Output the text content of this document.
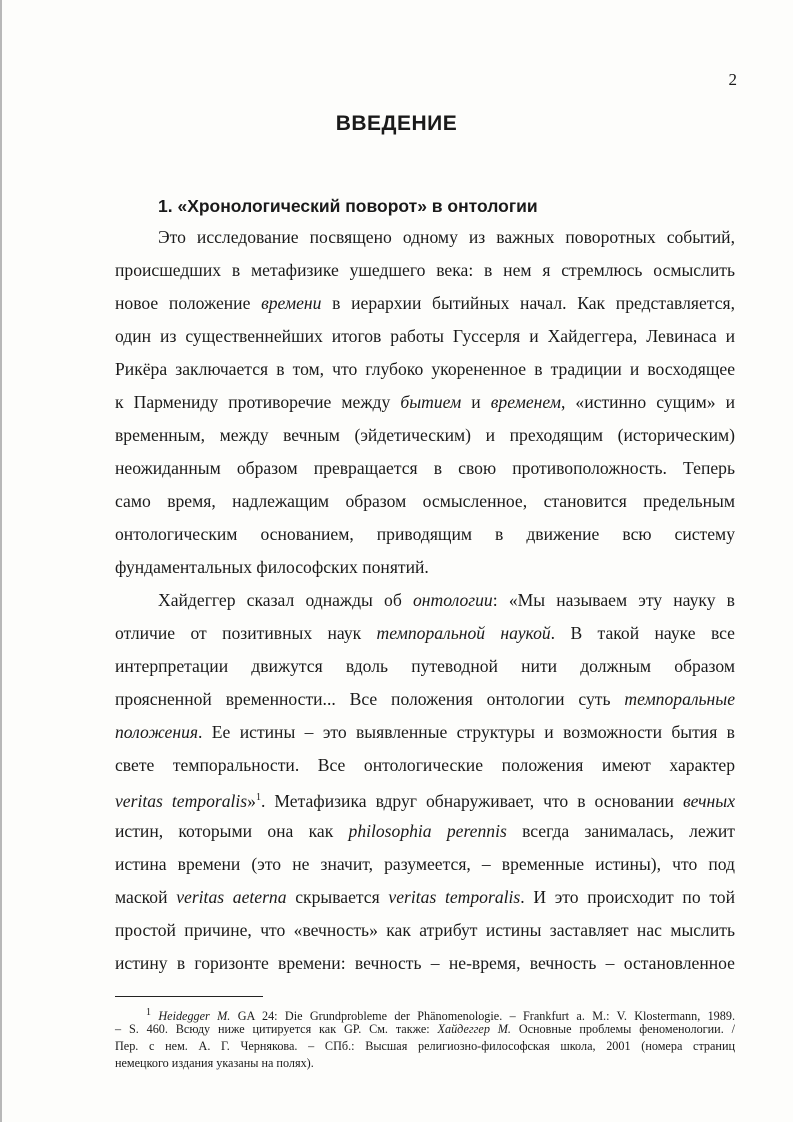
2
ВВЕДЕНИЕ
1. «Хронологический поворот» в онтологии
Это исследование посвящено одному из важных поворотных событий,
происшедших в метафизике ушедшего века: в нем я стремлюсь осмыслить
новое положение времени в иерархии бытийных начал. Как представляется,
один из существеннейших итогов работы Гуссерля и Хайдеггера, Левинаса и
Рикёра заключается в том, что глубоко укорененное в традиции и восходящее
к Пармениду противоречие между бытием и временем, «истинно сущим» и
временным, между вечным (эйдетическим) и преходящим (историческим)
неожиданным образом превращается в свою противоположность. Теперь
само время, надлежащим образом осмысленное, становится предельным
онтологическим основанием, приводящим в движение всю систему
фундаментальных философских понятий.
Хайдеггер сказал однажды об онтологии: «Мы называем эту науку в
отличие от позитивных наук темпоральной наукой. В такой науке все
интерпретации движутся вдоль путеводной нити должным образом
проясненной временности... Все положения онтологии суть темпоральные
положения. Ее истины – это выявленные структуры и возможности бытия в
свете темпоральности. Все онтологические положения имеют характер
veritas temporalis»$^1$. Метафизика вдруг обнаруживает, что в основании вечных
истин, которыми она как philosophia perennis всегда занималась, лежит
истина времени (это не значит, разумеется, – временные истины), что под
маской veritas aeterna скрывается veritas temporalis. И это происходит по той
простой причине, что «вечность» как атрибут истины заставляет нас мыслить
истину в горизонте времени: вечность – не-время, вечность – остановленное
$^1$ Heidegger M. GA 24: Die Grundprobleme der Phänomenologie. – Frankfurt a. M.: V. Klostermann, 1989.
– S. 460. Всюду ниже цитируется как GP. См. также: Хайдеггер М. Основные проблемы феноменологии. /
Пер. с нем. А. Г. Чернякова. – СПб.: Высшая религиозно-философская школа, 2001 (номера страниц
немецкого издания указаны на полях).
